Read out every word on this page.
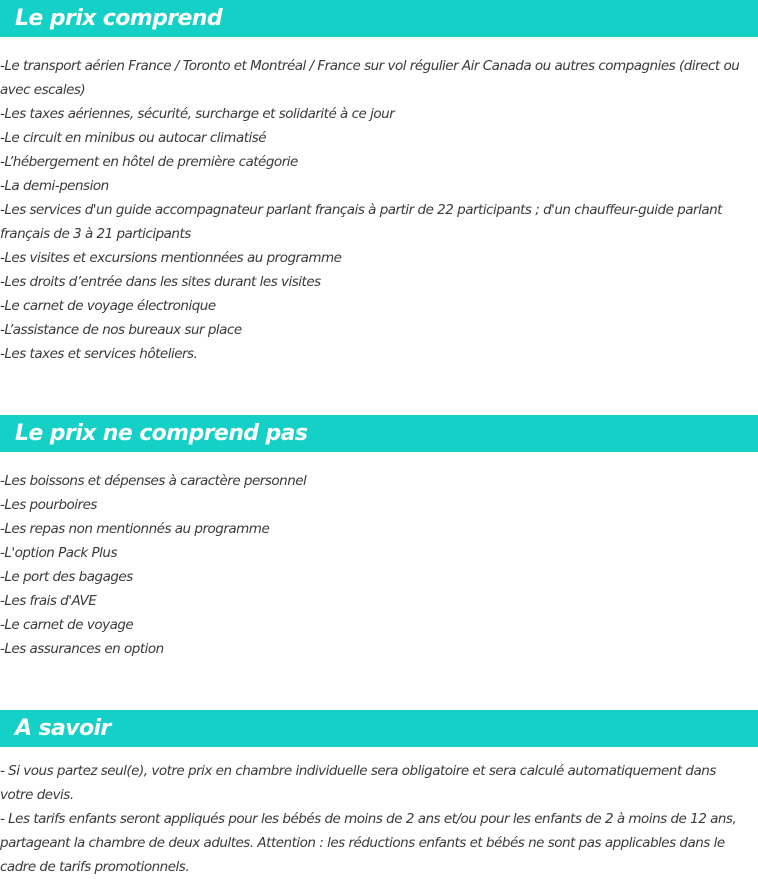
Le prix comprend
-Le transport aérien France / Toronto et Montréal / France sur vol régulier Air Canada ou autres compagnies (direct ou avec escales)
-Les taxes aériennes, sécurité, surcharge et solidarité à ce jour
-Le circuit en minibus ou autocar climatisé
-L’hébergement en hôtel de première catégorie
-La demi-pension
-Les services d'un guide accompagnateur parlant français à partir de 22 participants ; d'un chauffeur-guide parlant français de 3 à 21 participants
-Les visites et excursions mentionnées au programme
-Les droits d’entrée dans les sites durant les visites
-Le carnet de voyage électronique
-L’assistance de nos bureaux sur place
-Les taxes et services hôteliers.
Le prix ne comprend pas
-Les boissons et dépenses à caractère personnel
-Les pourboires
-Les repas non mentionnés au programme
-L'option Pack Plus
-Le port des bagages
-Les frais d'AVE
-Le carnet de voyage
-Les assurances en option
A savoir
- Si vous partez seul(e), votre prix en chambre individuelle sera obligatoire et sera calculé automatiquement dans votre devis.
- Les tarifs enfants seront appliqués pour les bébés de moins de 2 ans et/ou pour les enfants de 2 à moins de 12 ans, partageant la chambre de deux adultes. Attention : les réductions enfants et bébés ne sont pas applicables dans le cadre de tarifs promotionnels.
